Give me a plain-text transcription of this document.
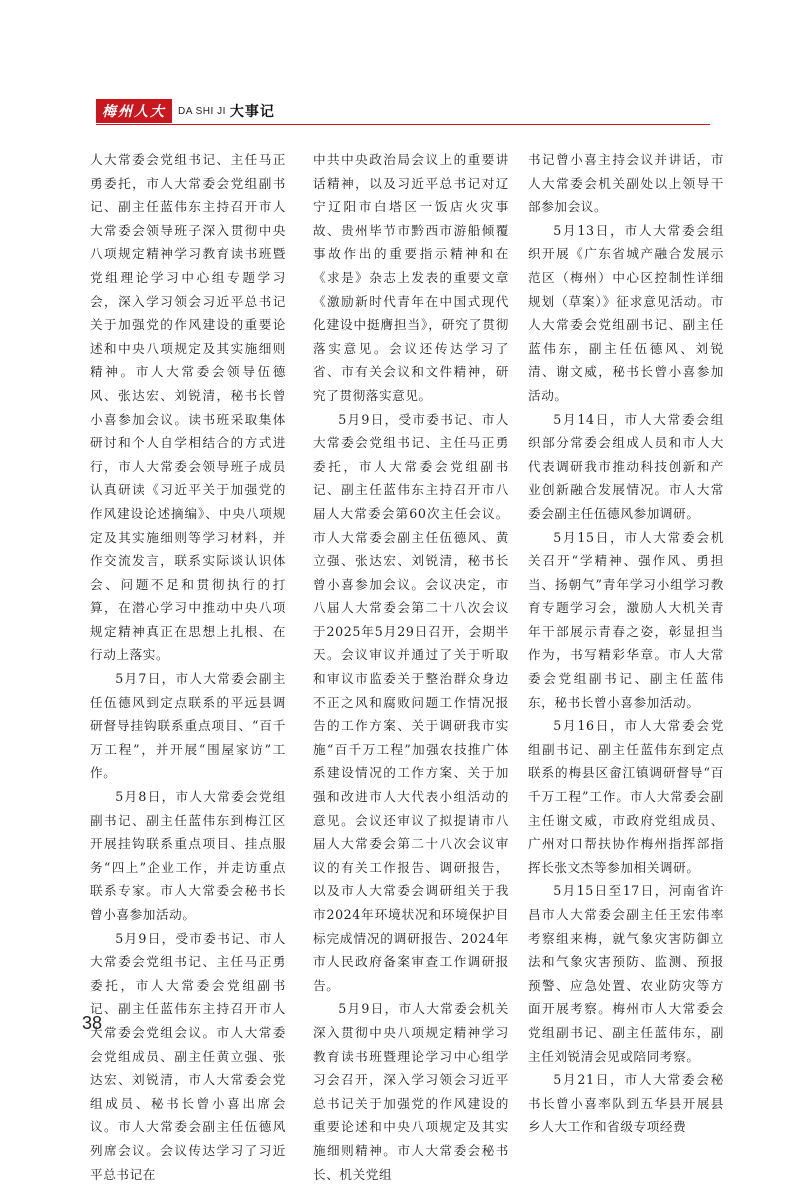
梅州人大	DA SHI JI 大事记

人大常委会党组书记、主任马正勇委托，市人大常委会党组副书记、副主任蓝伟东主持召开市人大常委会领导班子深入贯彻中央八项规定精神学习教育读书班暨党组理论学习中心组专题学习会，深入学习领会习近平总书记关于加强党的作风建设的重要论述和中央八项规定及其实施细则精神。市人大常委会领导伍德风、张达宏、刘锐清，秘书长曾小喜参加会议。读书班采取集体研讨和个人自学相结合的方式进行，市人大常委会领导班子成员认真研读《习近平关于加强党的作风建设论述摘编》、中央八项规定及其实施细则等学习材料，并作交流发言，联系实际谈认识体会、问题不足和贯彻执行的打算，在潜心学习中推动中央八项规定精神真正在思想上扎根、在行动上落实。

5月7日，市人大常委会副主任伍德风到定点联系的平远县调研督导挂钩联系重点项目、“百千万工程”，并开展“围屋家访”工作。

5月8日，市人大常委会党组副书记、副主任蓝伟东到梅江区开展挂钩联系重点项目、挂点服务“四上”企业工作，并走访重点联系专家。市人大常委会秘书长曾小喜参加活动。

5月9日，受市委书记、市人大常委会党组书记、主任马正勇委托，市人大常委会党组副书记、副主任蓝伟东主持召开市人大常委会党组会议。市人大常委会党组成员、副主任黄立强、张达宏、刘锐清，市人大常委会党组成员、秘书长曾小喜出席会议。市人大常委会副主任伍德风列席会议。会议传达学习了习近平总书记在

中共中央政治局会议上的重要讲话精神，以及习近平总书记对辽宁辽阳市白塔区一饭店火灾事故、贵州毕节市黔西市游船倾覆事故作出的重要指示精神和在《求是》杂志上发表的重要文章《激励新时代青年在中国式现代化建设中挺膺担当》，研究了贯彻落实意见。会议还传达学习了省、市有关会议和文件精神，研究了贯彻落实意见。

5月9日，受市委书记、市人大常委会党组书记、主任马正勇委托，市人大常委会党组副书记、副主任蓝伟东主持召开市八届人大常委会第60次主任会议。市人大常委会副主任伍德风、黄立强、张达宏、刘锐清，秘书长曾小喜参加会议。会议决定，市八届人大常委会第二十八次会议于2025年5月29日召开，会期半天。会议审议并通过了关于听取和审议市监委关于整治群众身边不正之风和腐败问题工作情况报告的工作方案、关于调研我市实施“百千万工程”加强农技推广体系建设情况的工作方案、关于加强和改进市人大代表小组活动的意见。会议还审议了拟提请市八届人大常委会第二十八次会议审议的有关工作报告、调研报告，以及市人大常委会调研组关于我市2024年环境状况和环境保护目标完成情况的调研报告、2024年市人民政府备案审查工作调研报告。

5月9日，市人大常委会机关深入贯彻中央八项规定精神学习教育读书班暨理论学习中心组学习会召开，深入学习领会习近平总书记关于加强党的作风建设的重要论述和中央八项规定及其实施细则精神。市人大常委会秘书长、机关党组

书记曾小喜主持会议并讲话，市人大常委会机关副处以上领导干部参加会议。

5月13日，市人大常委会组织开展《广东省城产融合发展示范区（梅州）中心区控制性详细规划（草案）》征求意见活动。市人大常委会党组副书记、副主任蓝伟东，副主任伍德风、刘锐清、谢文威，秘书长曾小喜参加活动。

5月14日，市人大常委会组织部分常委会组成人员和市人大代表调研我市推动科技创新和产业创新融合发展情况。市人大常委会副主任伍德风参加调研。

5月15日，市人大常委会机关召开“学精神、强作风、勇担当、扬朝气”青年学习小组学习教育专题学习会，激励人大机关青年干部展示青春之姿，彰显担当作为，书写精彩华章。市人大常委会党组副书记、副主任蓝伟东，秘书长曾小喜参加活动。

5月16日，市人大常委会党组副书记、副主任蓝伟东到定点联系的梅县区畲江镇调研督导“百千万工程”工作。市人大常委会副主任谢文威，市政府党组成员、广州对口帮扶协作梅州指挥部指挥长张文杰等参加相关调研。

5月15日至17日，河南省许昌市人大常委会副主任王宏伟率考察组来梅，就气象灾害防御立法和气象灾害预防、监测、预报预警、应急处置、农业防灾等方面开展考察。梅州市人大常委会党组副书记、副主任蓝伟东，副主任刘锐清会见或陪同考察。

5月21日，市人大常委会秘书长曾小喜率队到五华县开展县乡人大工作和省级专项经费

38
